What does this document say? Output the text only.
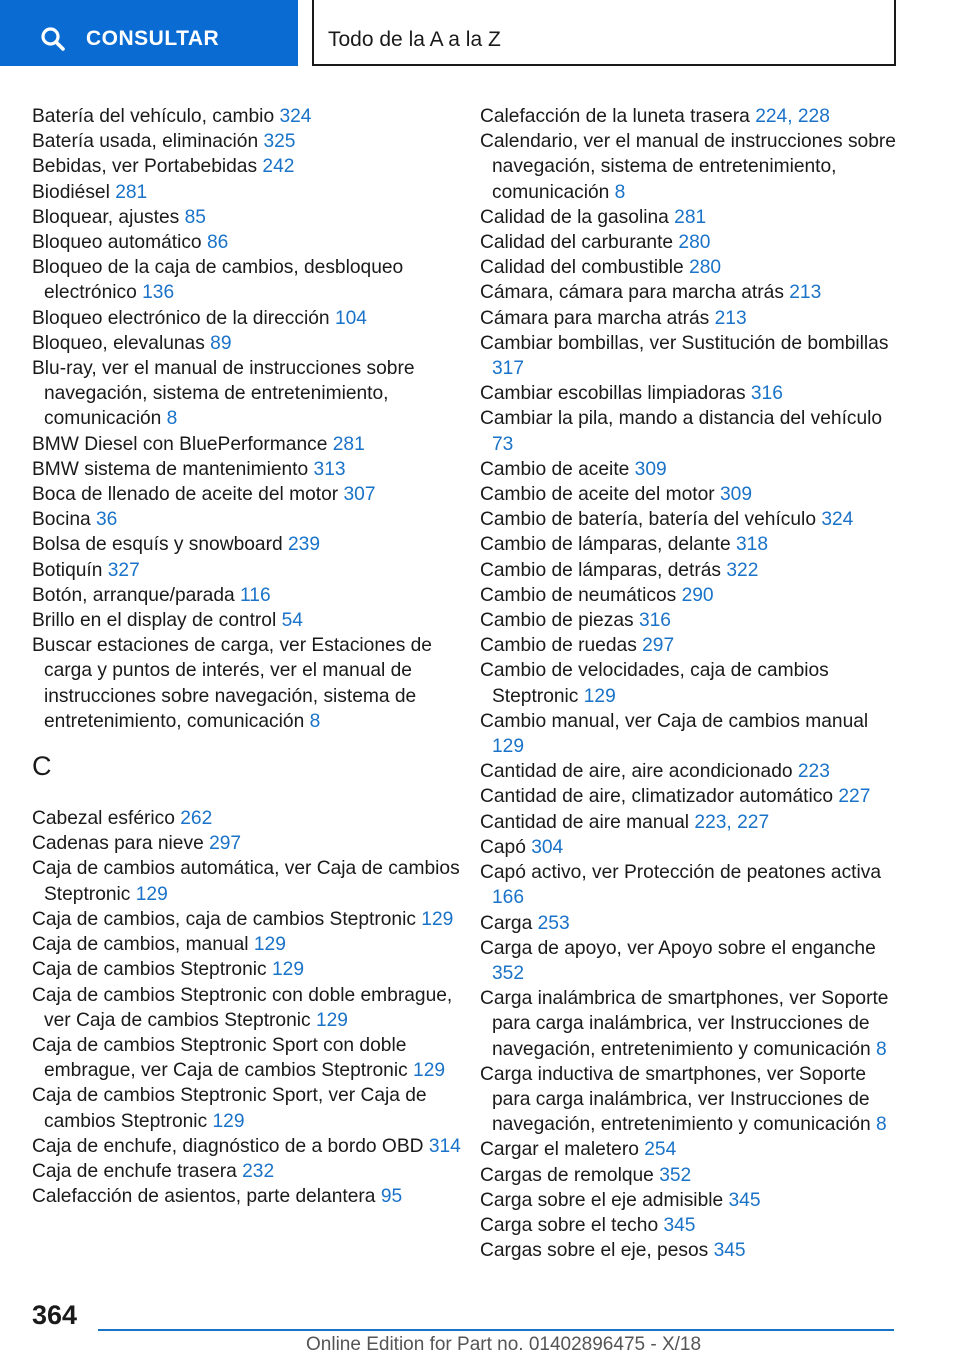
CONSULTAR	Todo de la A a la Z
Batería del vehículo, cambio 324
Batería usada, eliminación 325
Bebidas, ver Portabebidas 242
Biodiésel 281
Bloquear, ajustes 85
Bloqueo automático 86
Bloqueo de la caja de cambios, desbloqueo electrónico 136
Bloqueo electrónico de la dirección 104
Bloqueo, elevalunas 89
Blu-ray, ver el manual de instrucciones sobre navegación, sistema de entretenimiento, comunicación 8
BMW Diesel con BluePerformance 281
BMW sistema de mantenimiento 313
Boca de llenado de aceite del motor 307
Bocina 36
Bolsa de esquís y snowboard 239
Botiquín 327
Botón, arranque/parada 116
Brillo en el display de control 54
Buscar estaciones de carga, ver Estaciones de carga y puntos de interés, ver el manual de instrucciones sobre navegación, sistema de entretenimiento, comunicación 8
C
Cabezal esférico 262
Cadenas para nieve 297
Caja de cambios automática, ver Caja de cambios Steptronic 129
Caja de cambios, caja de cambios Steptronic 129
Caja de cambios, manual 129
Caja de cambios Steptronic 129
Caja de cambios Steptronic con doble embrague, ver Caja de cambios Steptronic 129
Caja de cambios Steptronic Sport con doble embrague, ver Caja de cambios Steptronic 129
Caja de cambios Steptronic Sport, ver Caja de cambios Steptronic 129
Caja de enchufe, diagnóstico de a bordo OBD 314
Caja de enchufe trasera 232
Calefacción de asientos, parte delantera 95
Calefacción de la luneta trasera 224, 228
Calendario, ver el manual de instrucciones sobre navegación, sistema de entretenimiento, comunicación 8
Calidad de la gasolina 281
Calidad del carburante 280
Calidad del combustible 280
Cámara, cámara para marcha atrás 213
Cámara para marcha atrás 213
Cambiar bombillas, ver Sustitución de bombillas 317
Cambiar escobillas limpiadoras 316
Cambiar la pila, mando a distancia del vehículo 73
Cambio de aceite 309
Cambio de aceite del motor 309
Cambio de batería, batería del vehículo 324
Cambio de lámparas, delante 318
Cambio de lámparas, detrás 322
Cambio de neumáticos 290
Cambio de piezas 316
Cambio de ruedas 297
Cambio de velocidades, caja de cambios Steptronic 129
Cambio manual, ver Caja de cambios manual 129
Cantidad de aire, aire acondicionado 223
Cantidad de aire, climatizador automático 227
Cantidad de aire manual 223, 227
Capó 304
Capó activo, ver Protección de peatones activa 166
Carga 253
Carga de apoyo, ver Apoyo sobre el enganche 352
Carga inalámbrica de smartphones, ver Soporte para carga inalámbrica, ver Instrucciones de navegación, entretenimiento y comunicación 8
Carga inductiva de smartphones, ver Soporte para carga inalámbrica, ver Instrucciones de navegación, entretenimiento y comunicación 8
Cargar el maletero 254
Cargas de remolque 352
Carga sobre el eje admisible 345
Carga sobre el techo 345
Cargas sobre el eje, pesos 345
364
Online Edition for Part no. 01402896475 - X/18
